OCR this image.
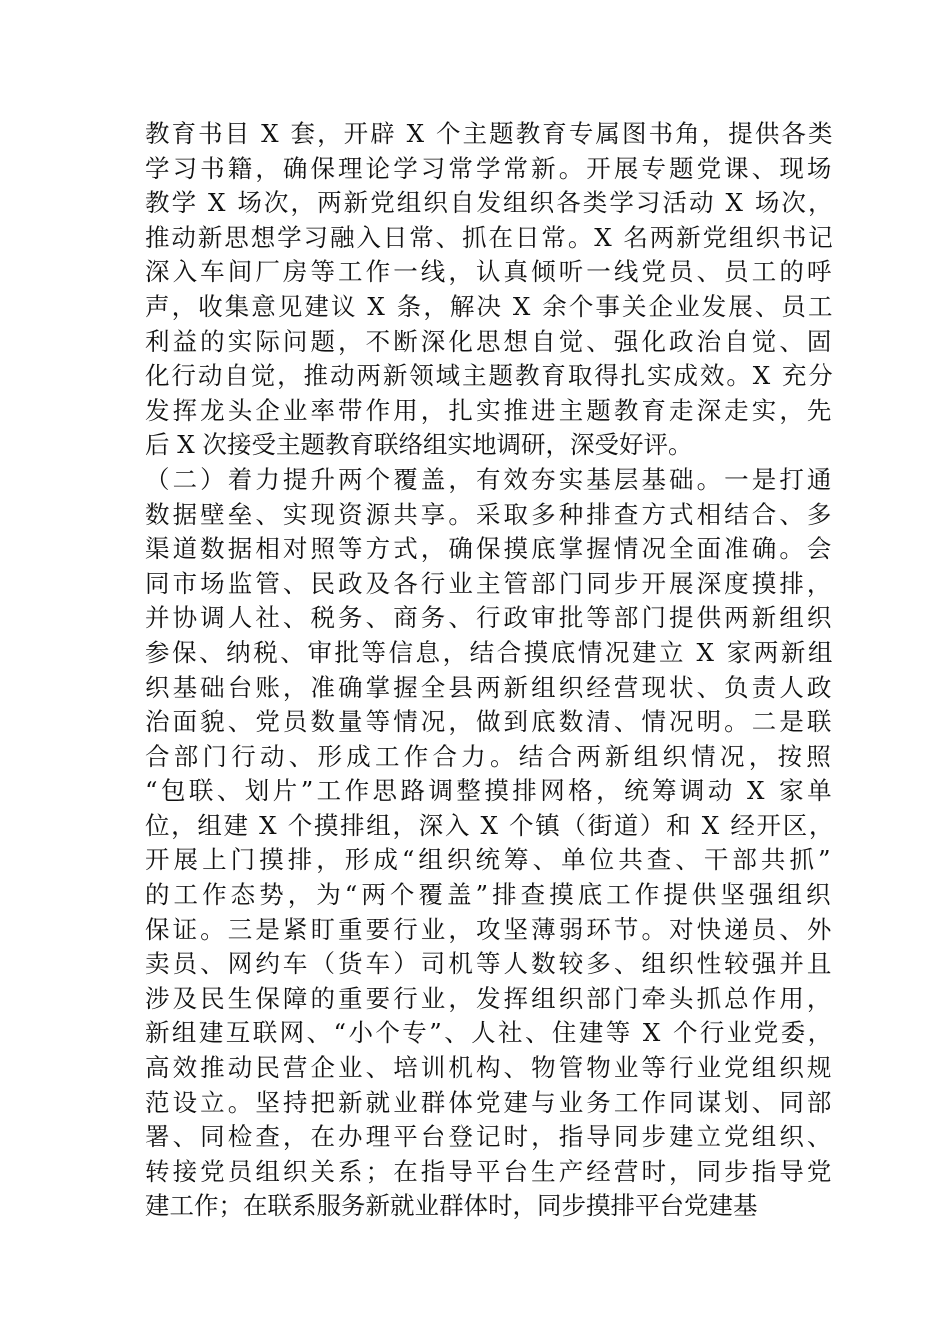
教育书目 X 套，开辟 X 个主题教育专属图书角，提供各类
学习书籍，确保理论学习常学常新。开展专题党课、现场
教学 X 场次，两新党组织自发组织各类学习活动 X 场次，
推动新思想学习融入日常、抓在日常。X 名两新党组织书记
深入车间厂房等工作一线，认真倾听一线党员、员工的呼
声，收集意见建议 X 条，解决 X 余个事关企业发展、员工
利益的实际问题，不断深化思想自觉、强化政治自觉、固
化行动自觉，推动两新领域主题教育取得扎实成效。X 充分
发挥龙头企业率带作用，扎实推进主题教育走深走实，先
后 X 次接受主题教育联络组实地调研，深受好评。
（二）着力提升两个覆盖，有效夯实基层基础。一是打通
数据壁垒、实现资源共享。采取多种排查方式相结合、多
渠道数据相对照等方式，确保摸底掌握情况全面准确。会
同市场监管、民政及各行业主管部门同步开展深度摸排，
并协调人社、税务、商务、行政审批等部门提供两新组织
参保、纳税、审批等信息，结合摸底情况建立 X 家两新组
织基础台账，准确掌握全县两新组织经营现状、负责人政
治面貌、党员数量等情况，做到底数清、情况明。二是联
合部门行动、形成工作合力。结合两新组织情况，按照
“包联、划片”工作思路调整摸排网格，统筹调动 X 家单
位，组建 X 个摸排组，深入 X 个镇（街道）和 X 经开区，
开展上门摸排，形成“组织统筹、单位共查、干部共抓”
的工作态势，为“两个覆盖”排查摸底工作提供坚强组织
保证。三是紧盯重要行业，攻坚薄弱环节。对快递员、外
卖员、网约车（货车）司机等人数较多、组织性较强并且
涉及民生保障的重要行业，发挥组织部门牵头抓总作用，
新组建互联网、“小个专”、人社、住建等 X 个行业党委，
高效推动民营企业、培训机构、物管物业等行业党组织规
范设立。坚持把新就业群体党建与业务工作同谋划、同部
署、同检查，在办理平台登记时，指导同步建立党组织、
转接党员组织关系；在指导平台生产经营时，同步指导党
建工作；在联系服务新就业群体时，同步摸排平台党建基
